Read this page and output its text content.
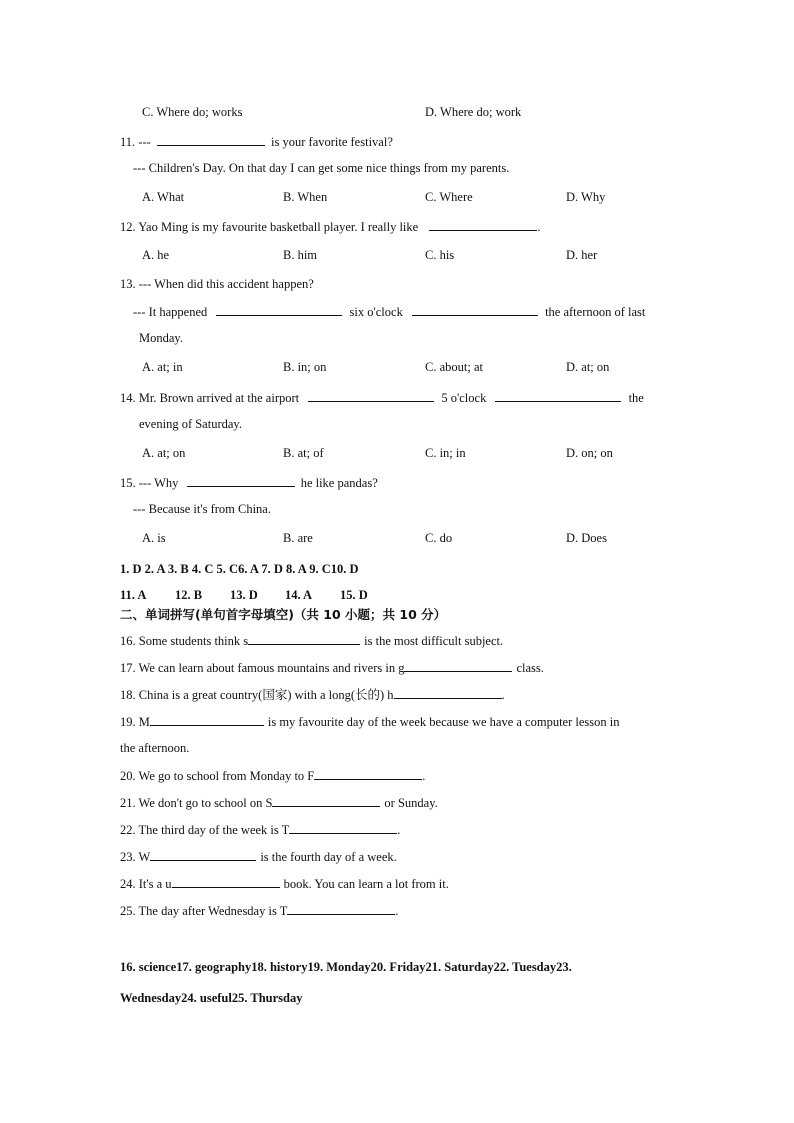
C. Where do; works	D. Where do; work
11. ---	is your favorite festival?
--- Children's Day. On that day I can get some nice things from my parents.
A. What	B. When	C. Where	D. Why
12. Yao Ming is my favourite basketball player. I really like	.
A. he	B. him	C. his	D. her
13. --- When did this accident happen?
--- It happened	six o'clock	the afternoon of last
Monday.
A. at; in	B. in; on	C. about; at	D. at; on
14. Mr. Brown arrived at the airport	5 o'clock	the
evening of Saturday.
A. at; on	B. at; of	C. in; in	D. on; on
15. --- Why	he like pandas?
--- Because it's from China.
A. is	B. are	C. do	D. Does
1. D 2. A 3. B 4. C 5. C6. A 7. D 8. A 9. C10. D
11. A 12. B 13. D 14. A 15. D
二、单词拼写(单句首字母填空)（共 10 小题；共 10 分）
16. Some students think s	is the most difficult subject.
17. We can learn about famous mountains and rivers in g	class.
18. China is a great country(国家) with a long(长的) h	.
19. M	is my favourite day of the week because we have a computer lesson in
the afternoon.
20. We go to school from Monday to F	.
21. We don't go to school on S	or Sunday.
22. The third day of the week is T	.
23. W	is the fourth day of a week.
24. It's a u	book. You can learn a lot from it.
25. The day after Wednesday is T	.
16. science17. geography18. history19. Monday20. Friday21. Saturday22. Tuesday23.
Wednesday24. useful25. Thursday
